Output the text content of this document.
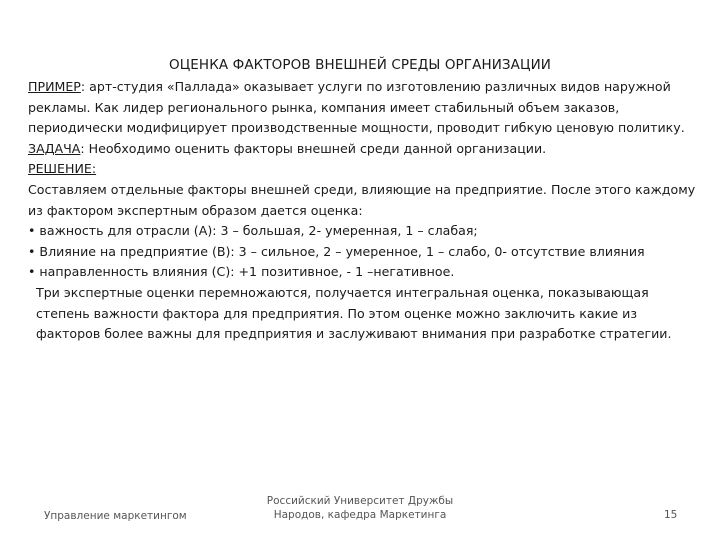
ОЦЕНКА ФАКТОРОВ ВНЕШНЕЙ СРЕДЫ ОРГАНИЗАЦИИ

ПРИМЕР: арт-студия «Паллада» оказывает услуги по изготовлению различных видов наружной рекламы. Как лидер регионального рынка, компания имеет стабильный объем заказов, периодически модифицирует производственные мощности, проводит гибкую ценовую политику.

ЗАДАЧА: Необходимо оценить факторы внешней среди данной организации.

РЕШЕНИЕ:

Составляем отдельные факторы внешней среди, влияющие на предприятие. После этого каждому из фактором экспертным образом дается оценка:

• важность для отрасли (А): 3 – большая, 2- умеренная, 1 – слабая;

• Влияние на предприятие (В): 3 – сильное, 2 – умеренное, 1 – слабо, 0- отсутствие влияния

• направленность влияния (С): +1 позитивное, - 1 –негативное.

Три экспертные оценки перемножаются, получается интегральная оценка, показывающая степень важности фактора для предприятия. По этом оценке можно заключить какие из факторов более важны для предприятия и заслуживают внимания при разработке стратегии.

Управление маркетингом
Российский Университет Дружбы
Народов, кафедра Маркетинга	15
